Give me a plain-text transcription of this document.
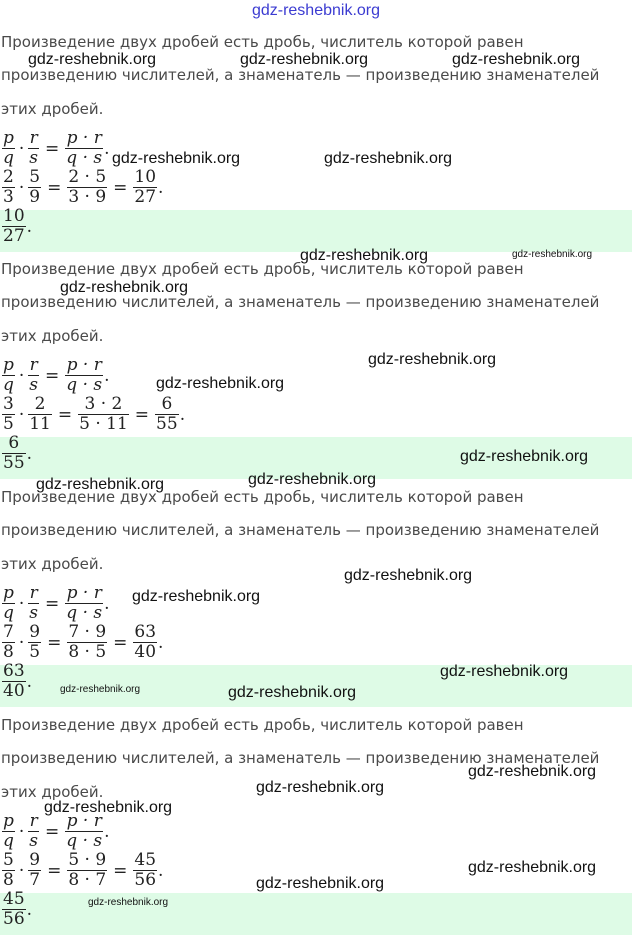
gdz-reshebnik.org
Произведение двух дробей есть дробь, числитель которой равен
произведению числителей, а знаменатель — произведению знаменателей
этих дробей.
$\frac{p}{q} \cdot \frac{r}{s} = \frac{p \cdot r}{q \cdot s}$ .
$\frac{2}{3} \cdot \frac{5}{9} = \frac{2 \cdot 5}{3 \cdot 9} = \frac{10}{27}$ .
$\frac{10}{27}$ .
Произведение двух дробей есть дробь, числитель которой равен
произведению числителей, а знаменатель — произведению знаменателей
этих дробей.
$\frac{p}{q} \cdot \frac{r}{s} = \frac{p \cdot r}{q \cdot s}$ .
$\frac{3}{5} \cdot \frac{2}{11} = \frac{3 \cdot 2}{5 \cdot 11} = \frac{6}{55}$ .
$\frac{6}{55}$ .
Произведение двух дробей есть дробь, числитель которой равен
произведению числителей, а знаменатель — произведению знаменателей
этих дробей.
$\frac{p}{q} \cdot \frac{r}{s} = \frac{p \cdot r}{q \cdot s}$ .
$\frac{7}{8} \cdot \frac{9}{5} = \frac{7 \cdot 9}{8 \cdot 5} = \frac{63}{40}$ .
$\frac{63}{40}$ .
Произведение двух дробей есть дробь, числитель которой равен
произведению числителей, а знаменатель — произведению знаменателей
этих дробей.
$\frac{p}{q} \cdot \frac{r}{s} = \frac{p \cdot r}{q \cdot s}$ .
$\frac{5}{8} \cdot \frac{9}{7} = \frac{5 \cdot 9}{8 \cdot 7} = \frac{45}{56}$ .
$\frac{45}{56}$ .
gdz-reshebnik.org	gdz-reshebnik.org	gdz-reshebnik.org
gdz-reshebnik.org	gdz-reshebnik.org
gdz-reshebnik.org	gdz-reshebnik.org
gdz-reshebnik.org
gdz-reshebnik.org
gdz-reshebnik.org
gdz-reshebnik.org
gdz-reshebnik.org
gdz-reshebnik.org
gdz-reshebnik.org
gdz-reshebnik.org
gdz-reshebnik.org
gdz-reshebnik.org	gdz-reshebnik.org
gdz-reshebnik.org
gdz-reshebnik.org
gdz-reshebnik.org
gdz-reshebnik.org
gdz-reshebnik.org
gdz-reshebnik.org
